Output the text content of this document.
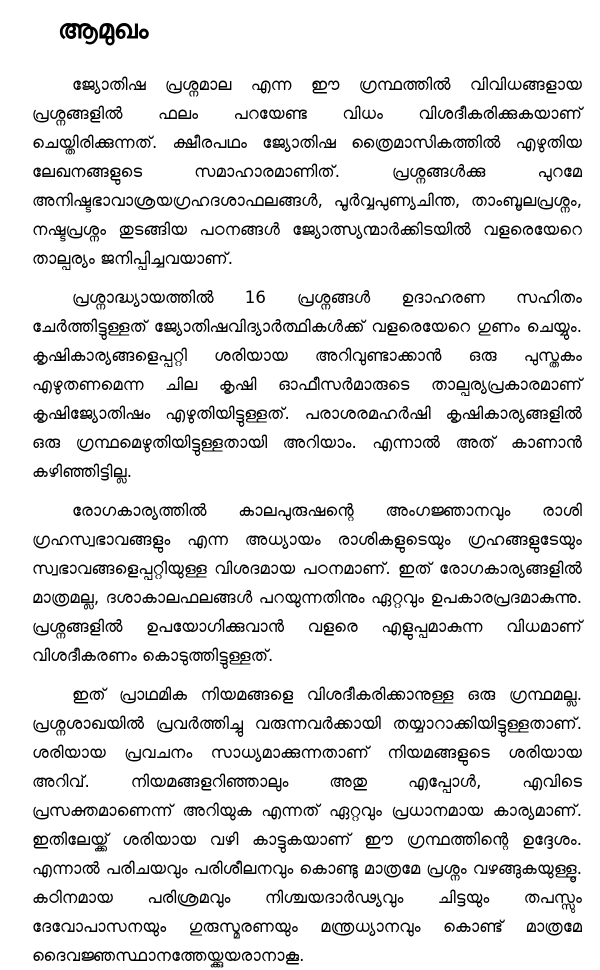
ആമുഖം

ജ്യോതിഷ പ്രശ്നമാല എന്ന ഈ ഗ്രന്ഥത്തിൽ വിവിധങ്ങളായ പ്രശ്നങ്ങളിൽ ഫലം പറയേണ്ട വിധം വിശദീകരിക്കുകയാണ് ചെയ്തിരിക്കുന്നത്. ക്ഷീരപഥം ജ്യോതിഷ ത്രൈമാസികത്തിൽ എഴുതിയ ലേഖനങ്ങളുടെ സമാഹാരമാണിത്. പ്രശ്നങ്ങൾക്കു പുറമേ അനിഷ്ടഭാവാശ്രയഗ്രഹദശാഫലങ്ങൾ, പൂർവ്വപുണ്യചിന്ത, താംബൂലപ്രശ്നം, നഷ്ടപ്രശ്നം തുടങ്ങിയ പഠനങ്ങൾ ജ്യോത്സ്യന്മാർക്കിടയിൽ വളരെയേറെ താല്പര്യം ജനിപ്പിച്ചവയാണ്.

പ്രശ്നാദ്ധ്യായത്തിൽ 16 പ്രശ്നങ്ങൾ ഉദാഹരണ സഹിതം ചേർത്തിട്ടുള്ളത് ജ്യോതിഷവിദ്യാർത്ഥികൾക്ക് വളരെയേറെ ഗുണം ചെയ്യും. കൃഷികാര്യങ്ങളെപ്പറ്റി ശരിയായ അറിവുണ്ടാക്കാൻ ഒരു പുസ്തകം എഴുതണമെന്ന ചില കൃഷി ഓഫീസർമാരുടെ താല്പര്യപ്രകാരമാണ് കൃഷിജ്യോതിഷം എഴുതിയിട്ടുള്ളത്. പരാശരമഹർഷി കൃഷികാര്യങ്ങളിൽ ഒരു ഗ്രന്ഥമെഴുതിയിട്ടുള്ളതായി അറിയാം. എന്നാൽ അത് കാണാൻ കഴിഞ്ഞിട്ടില്ല.

രോഗകാര്യത്തിൽ കാലപുരുഷന്റെ അംഗജ്ഞാനവും രാശി ഗ്രഹസ്വഭാവങ്ങളും എന്ന അധ്യായം രാശികളുടെയും ഗ്രഹങ്ങളുടേയും സ്വഭാവങ്ങളെപ്പറ്റിയുള്ള വിശദമായ പഠനമാണ്. ഇത് രോഗകാര്യങ്ങളിൽ മാത്രമല്ല, ദശാകാലഫലങ്ങൾ പറയുന്നതിനും ഏറ്റവും ഉപകാരപ്രദമാകുന്നു. പ്രശ്നങ്ങളിൽ ഉപയോഗിക്കുവാൻ വളരെ എളുപ്പമാകുന്ന വിധമാണ് വിശദീകരണം കൊടുത്തിട്ടുള്ളത്.

ഇത് പ്രാഥമിക നിയമങ്ങളെ വിശദീകരിക്കാനുള്ള ഒരു ഗ്രന്ഥമല്ല. പ്രശ്നശാഖയിൽ പ്രവർത്തിച്ചു വരുന്നവർക്കായി തയ്യാറാക്കിയിട്ടുള്ളതാണ്. ശരിയായ പ്രവചനം സാധ്യമാക്കുന്നതാണ് നിയമങ്ങളുടെ ശരിയായ അറിവ്. നിയമങ്ങളറിഞ്ഞാലും അതു എപ്പോൾ, എവിടെ പ്രസക്തമാണെന്ന് അറിയുക എന്നത് ഏറ്റവും പ്രധാനമായ കാര്യമാണ്. ഇതിലേയ്ക്ക് ശരിയായ വഴി കാട്ടുകയാണ് ഈ ഗ്രന്ഥത്തിന്റെ ഉദ്ദേശം. എന്നാൽ പരിചയവും പരിശീലനവും കൊണ്ടു മാത്രമേ പ്രശ്നം വഴങ്ങുകയുള്ളൂ. കഠിനമായ പരിശ്രമവും നിശ്ചയദാർഢ്യവും ചിട്ടയും തപസ്സും ദേവോപാസനയും ഗുരുസ്മരണയും മന്ത്രധ്യാനവും കൊണ്ട് മാത്രമേ ദൈവജ്ഞസ്ഥാനത്തേയ്ക്കുയരാനാകൂ.
